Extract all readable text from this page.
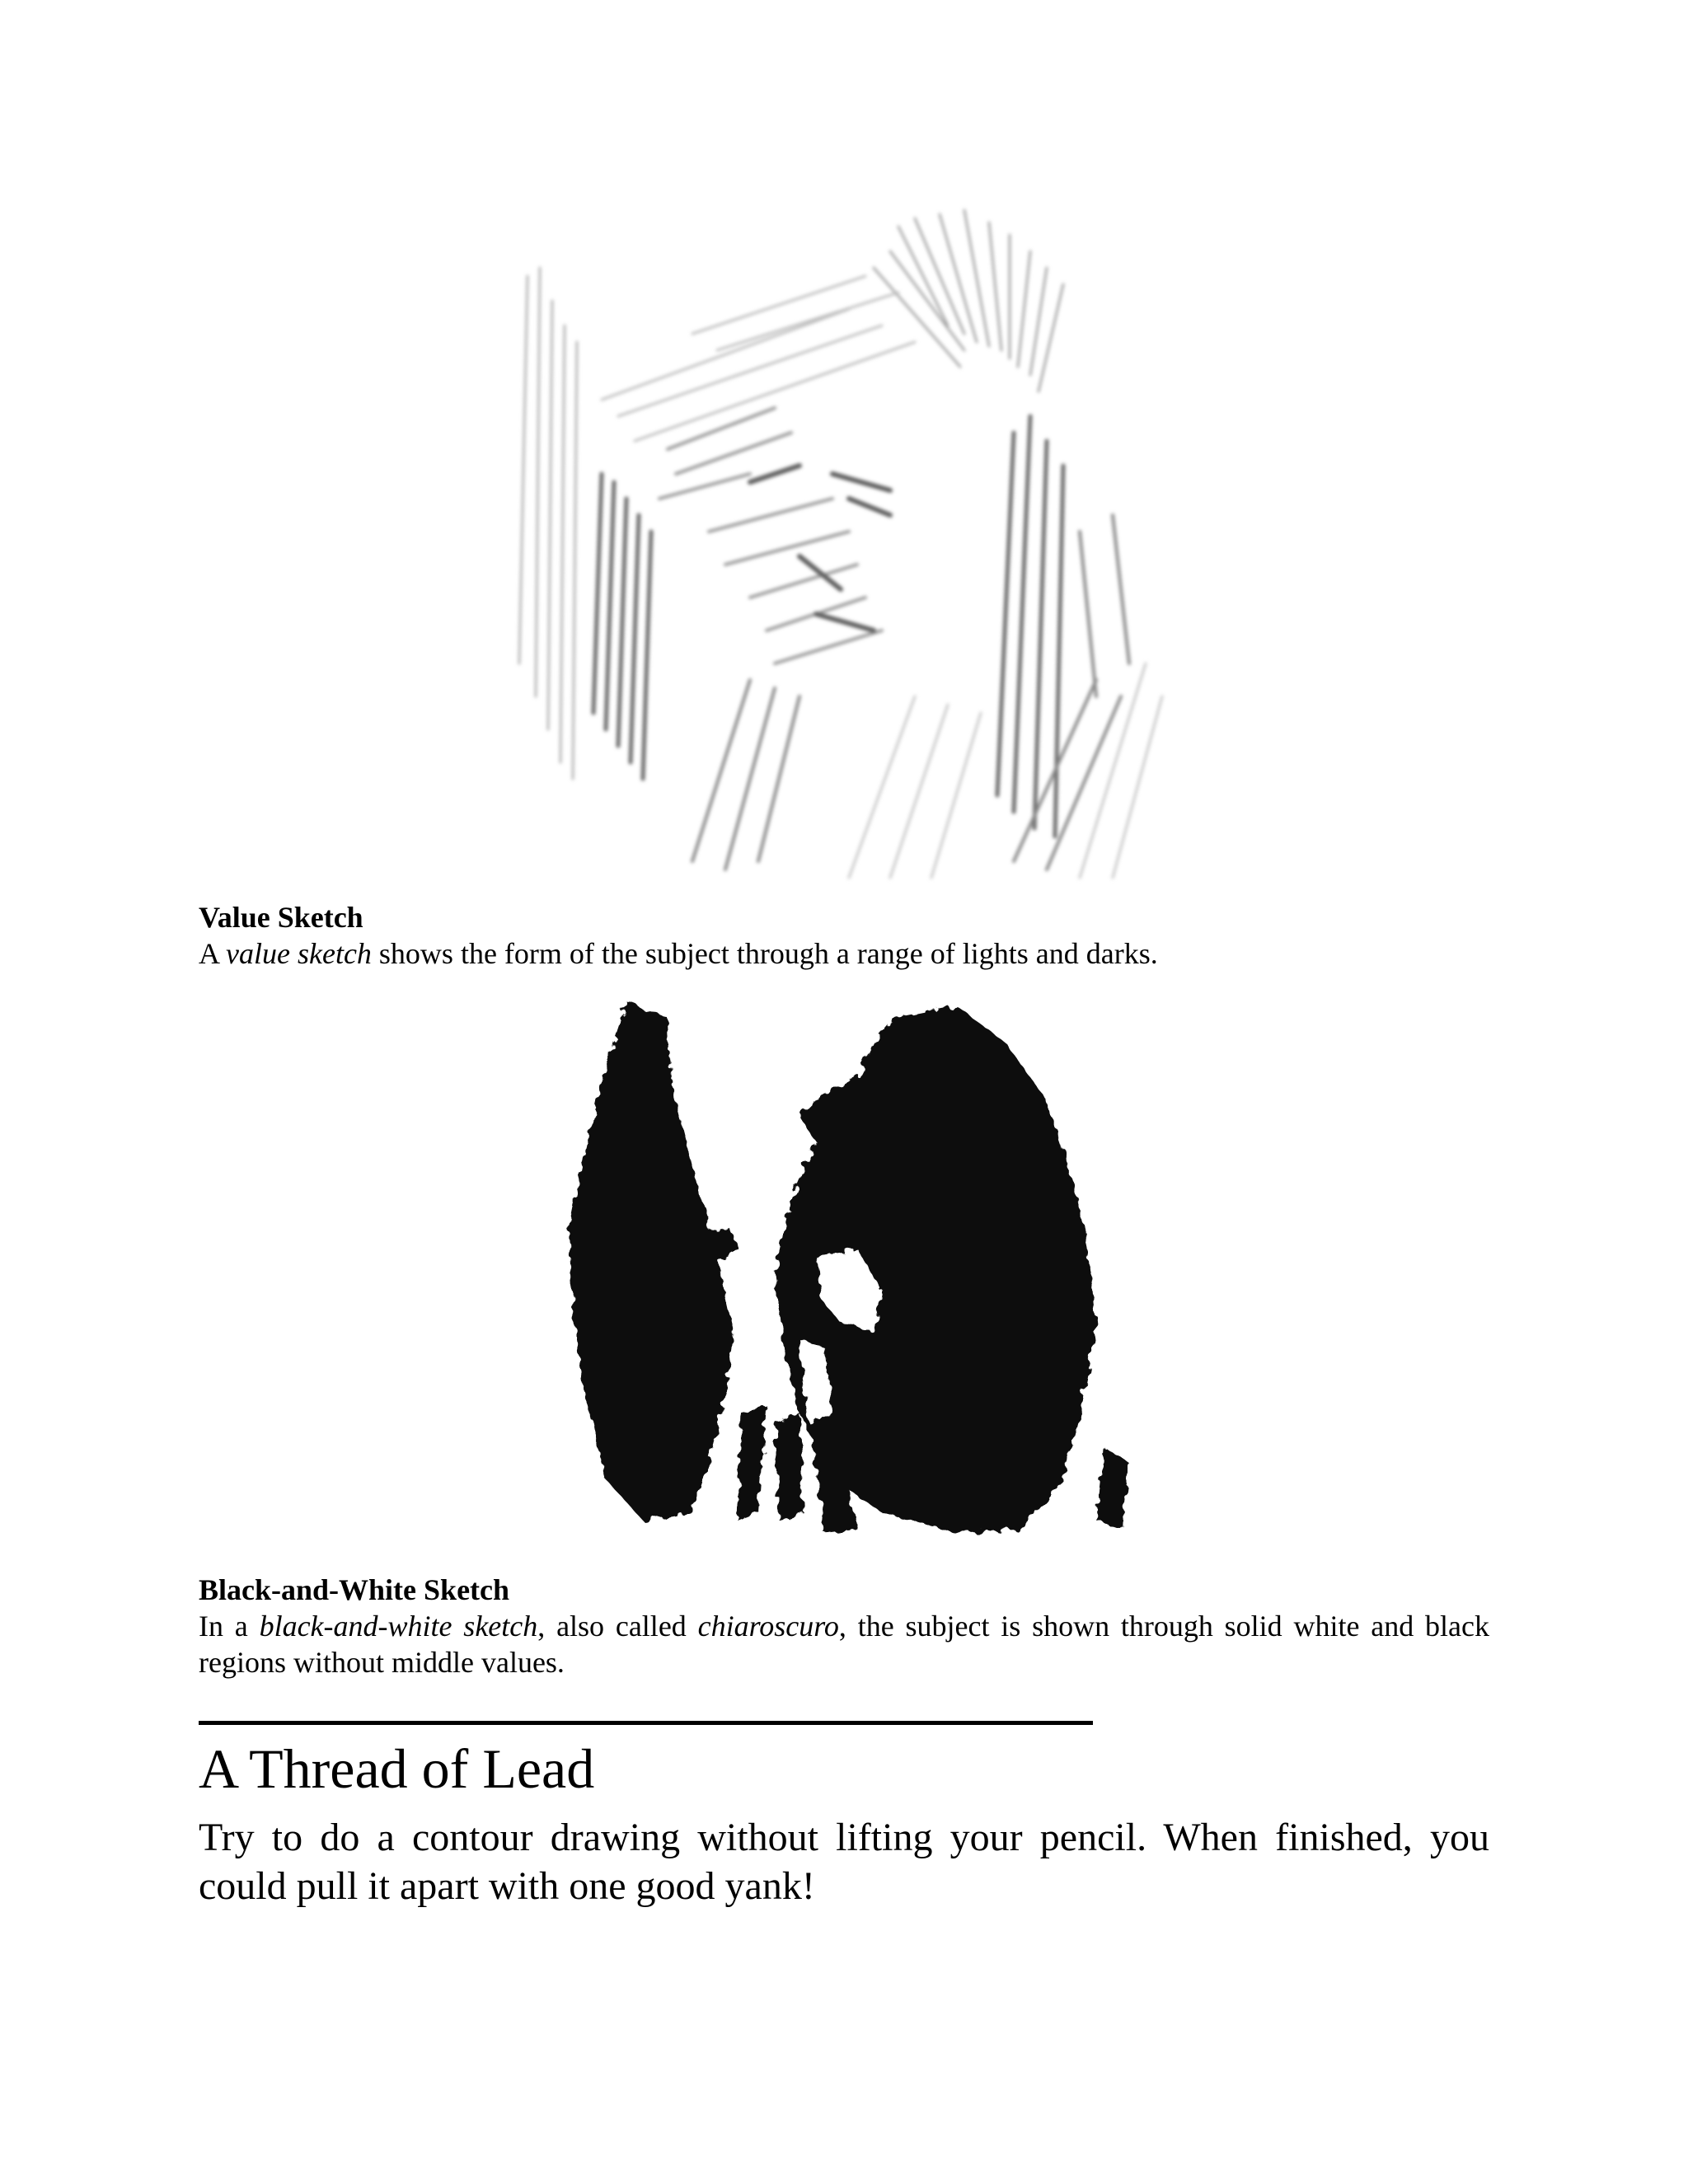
Value Sketch
A value sketch shows the form of the subject through a range of lights and darks.
Black-and-White Sketch
In a black-and-white sketch, also called chiaroscuro, the subject is shown through solid white and black regions without middle values.
A Thread of Lead

Try to do a contour drawing without lifting your pencil. When finished, you could pull it apart with one good yank!
